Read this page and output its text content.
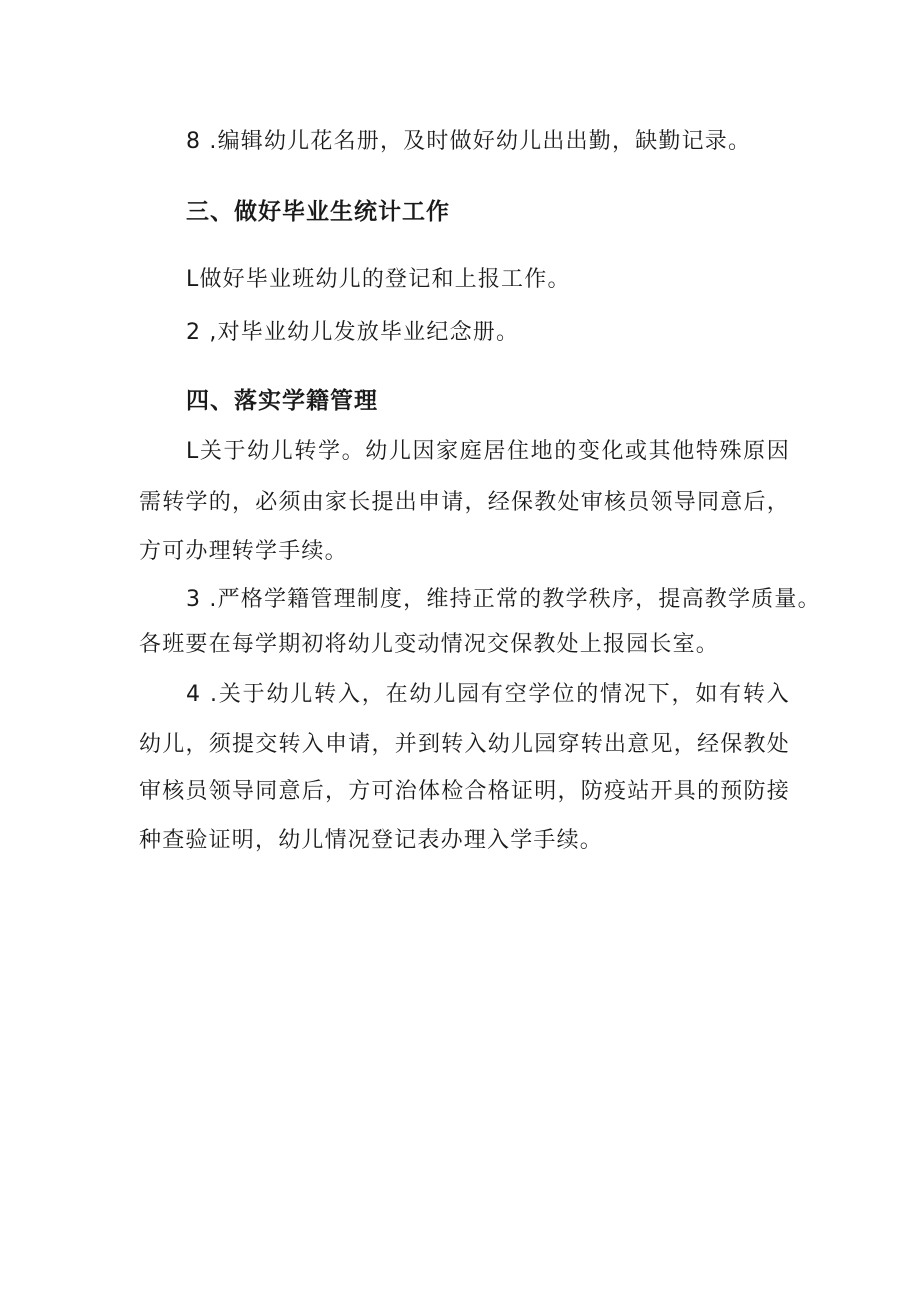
8 .编辑幼儿花名册，及时做好幼儿出出勤，缺勤记录。
三、做好毕业生统计工作
L做好毕业班幼儿的登记和上报工作。
2 ,对毕业幼儿发放毕业纪念册。
四、落实学籍管理
L关于幼儿转学。幼儿因家庭居住地的变化或其他特殊原因
需转学的，必须由家长提出申请，经保教处审核员领导同意后，
方可办理转学手续。
3 .严格学籍管理制度，维持正常的教学秩序，提高教学质量。
各班要在每学期初将幼儿变动情况交保教处上报园长室。
4 .关于幼儿转入，在幼儿园有空学位的情况下，如有转入
幼儿，须提交转入申请，并到转入幼儿园穿转出意见，经保教处
审核员领导同意后，方可治体检合格证明，防疫站开具的预防接
种查验证明，幼儿情况登记表办理入学手续。
